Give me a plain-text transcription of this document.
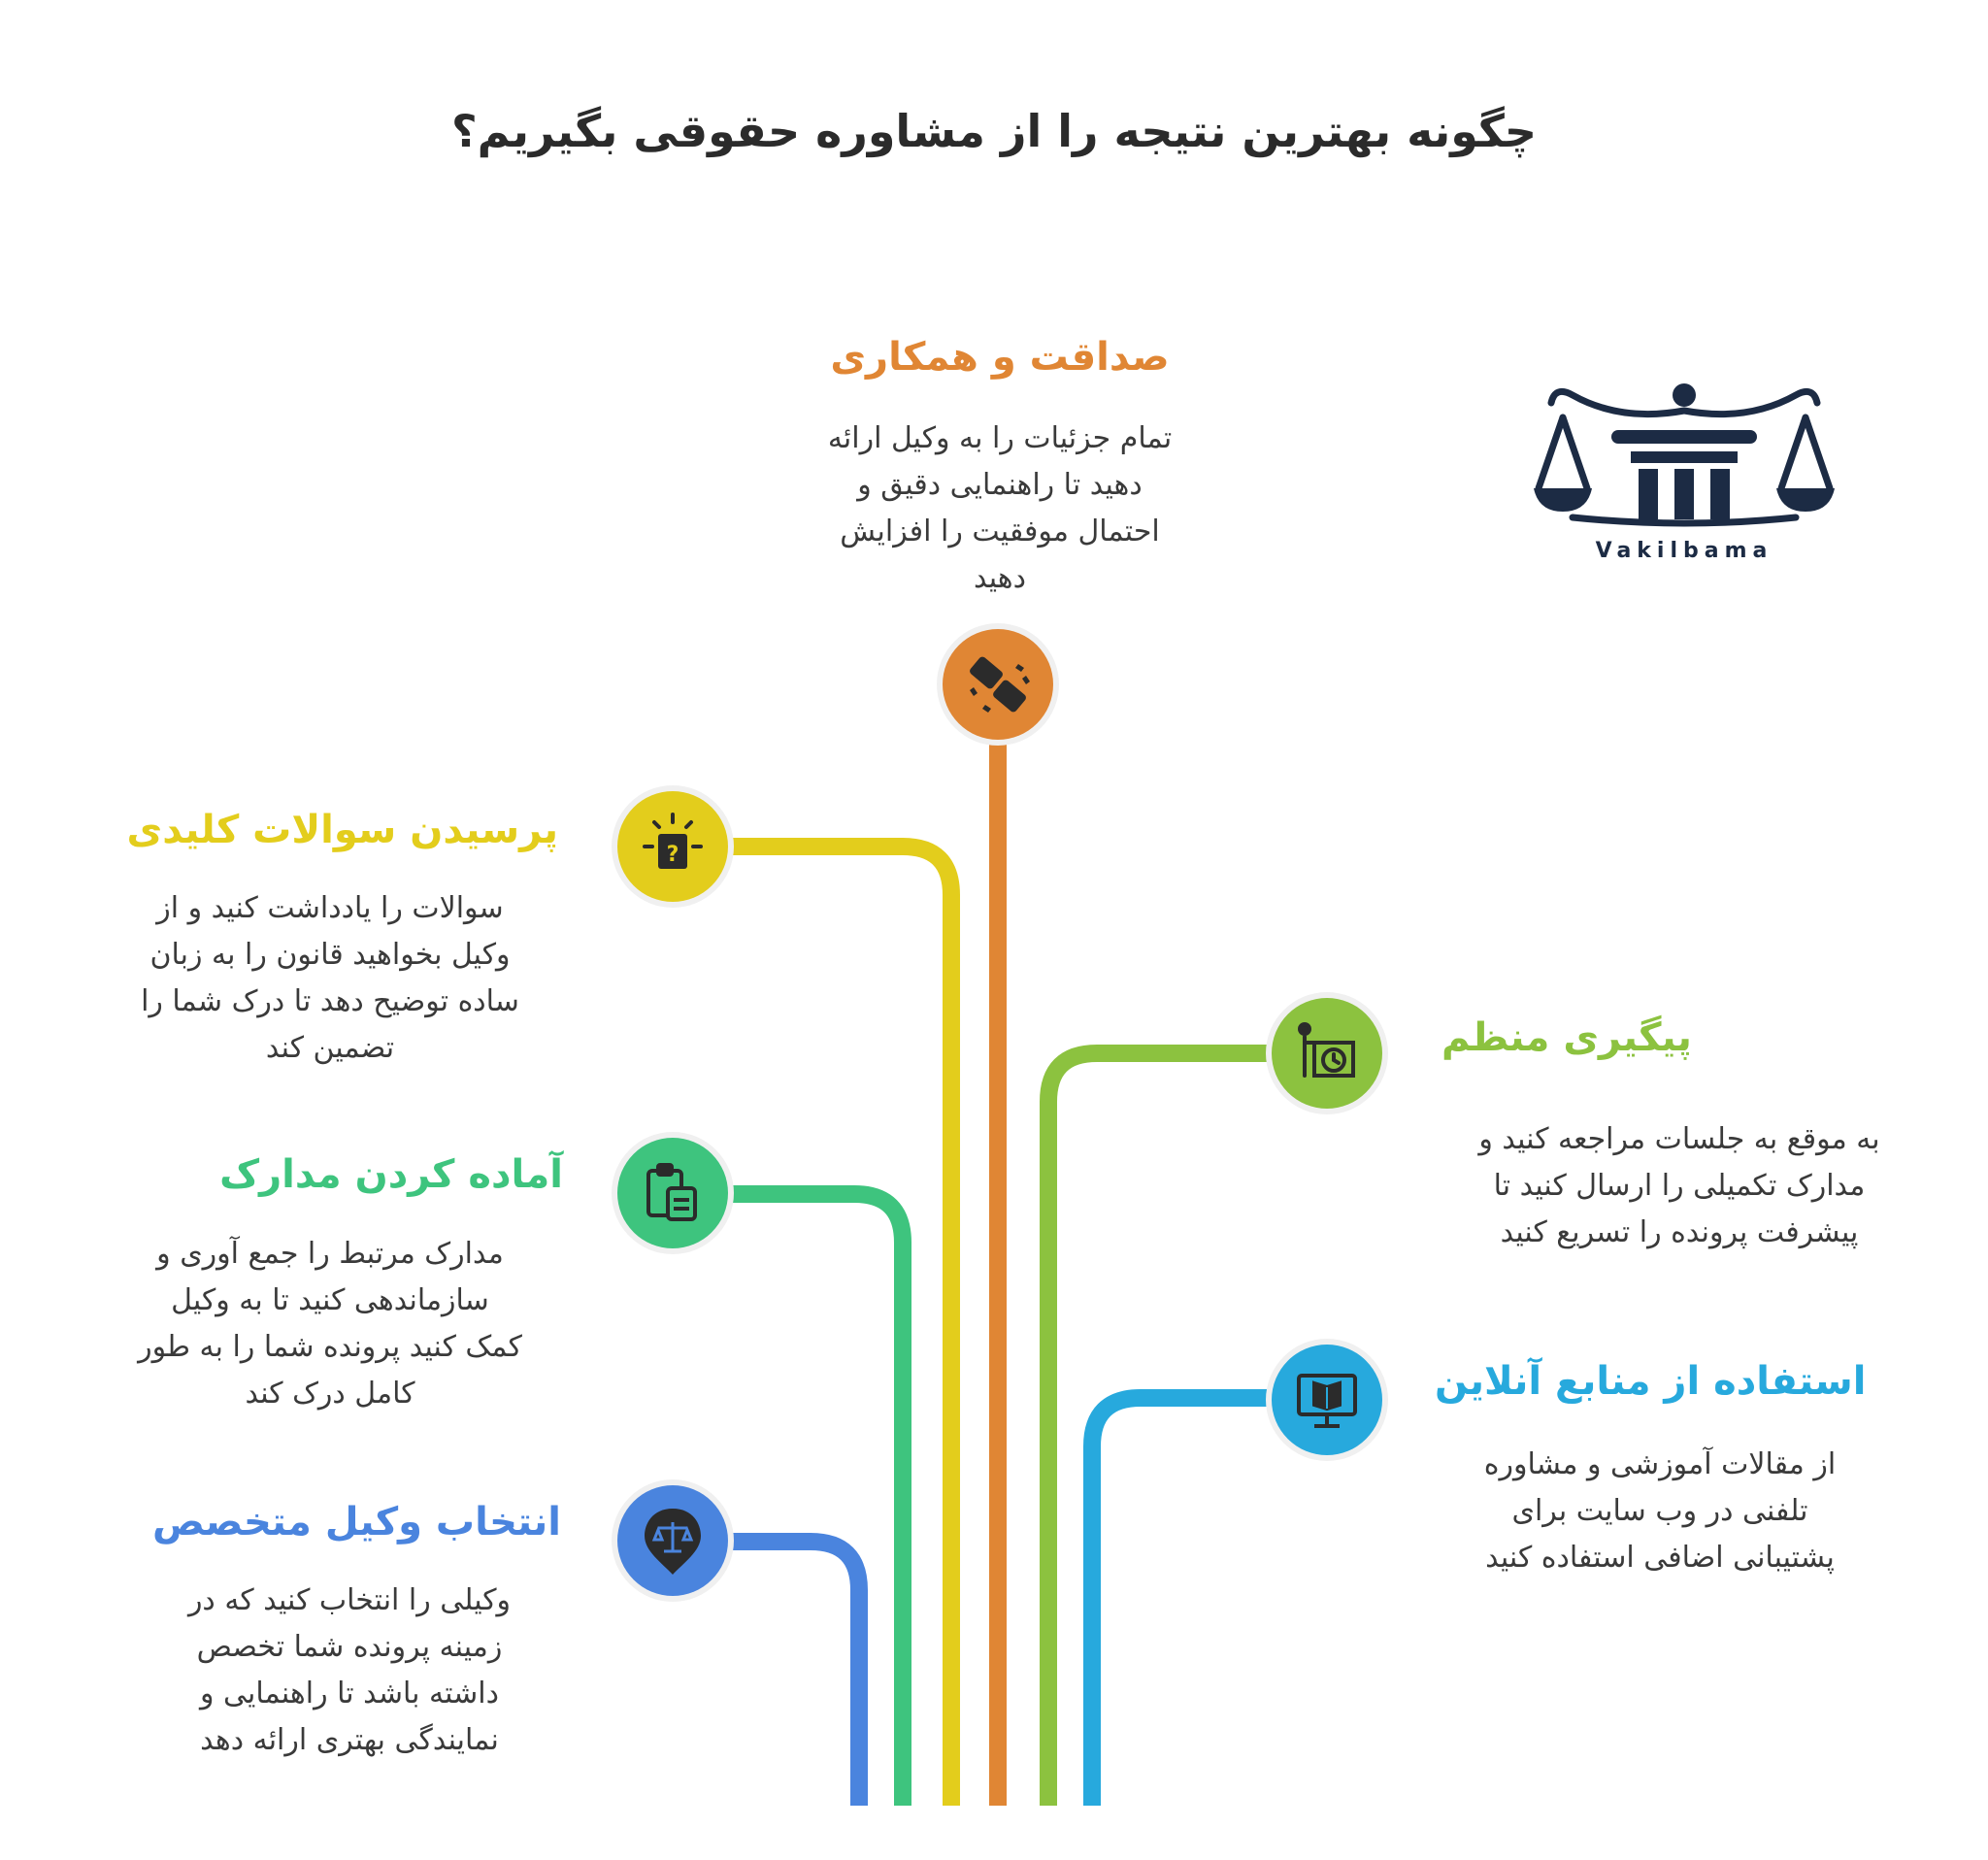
چگونه بهترین نتیجه را از مشاوره حقوقی بگیریم؟
Vakilbama
?
صداقت و همکاری
پرسیدن سوالات کلیدی
آماده کردن مدارک
انتخاب وکیل متخصص
پیگیری منظم
استفاده از منابع آنلاین
تمام جزئیات را به وکیل ارائه
دهید تا راهنمایی دقیق و
احتمال موفقیت را افزایش
دهید
سوالات را یادداشت کنید و از
وکیل بخواهید قانون را به زبان
ساده توضیح دهد تا درک شما را
تضمین کند
مدارک مرتبط را جمع آوری و
سازماندهی کنید تا به وکیل
کمک کنید پرونده شما را به طور
کامل درک کند
وکیلی را انتخاب کنید که در
زمینه پرونده شما تخصص
داشته باشد تا راهنمایی و
نمایندگی بهتری ارائه دهد
به موقع به جلسات مراجعه کنید و
مدارک تکمیلی را ارسال کنید تا
پیشرفت پرونده را تسریع کنید
از مقالات آموزشی و مشاوره
تلفنی در وب سایت برای
پشتیبانی اضافی استفاده کنید
